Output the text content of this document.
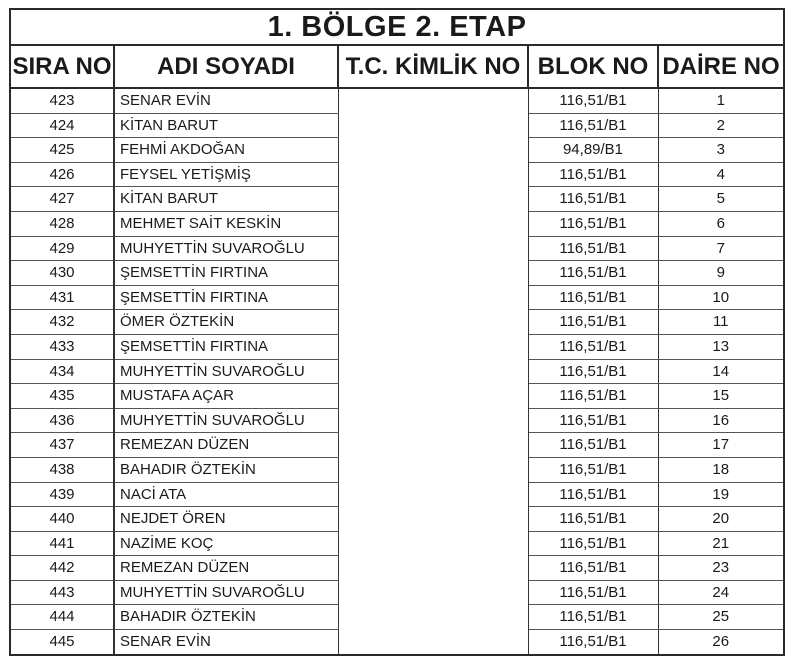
1. BÖLGE 2. ETAP				
SIRA NO	ADI SOYADI	T.C. KİMLİK NO	BLOK NO	DAİRE NO
423	SENAR EVİN		116,51/B1	1
424	KİTAN BARUT		116,51/B1	2
425	FEHMİ AKDOĞAN		94,89/B1	3
426	FEYSEL YETİŞMİŞ		116,51/B1	4
427	KİTAN BARUT		116,51/B1	5
428	MEHMET SAİT KESKİN		116,51/B1	6
429	MUHYETTİN SUVAROĞLU		116,51/B1	7
430	ŞEMSETTİN FIRTINA		116,51/B1	9
431	ŞEMSETTİN FIRTINA		116,51/B1	10
432	ÖMER ÖZTEKİN		116,51/B1	11
433	ŞEMSETTİN FIRTINA		116,51/B1	13
434	MUHYETTİN SUVAROĞLU		116,51/B1	14
435	MUSTAFA AÇAR		116,51/B1	15
436	MUHYETTİN SUVAROĞLU		116,51/B1	16
437	REMEZAN DÜZEN		116,51/B1	17
438	BAHADIR ÖZTEKİN		116,51/B1	18
439	NACİ ATA		116,51/B1	19
440	NEJDET ÖREN		116,51/B1	20
441	NAZİME KOÇ		116,51/B1	21
442	REMEZAN DÜZEN		116,51/B1	23
443	MUHYETTİN SUVAROĞLU		116,51/B1	24
444	BAHADIR ÖZTEKİN		116,51/B1	25
445	SENAR EVİN		116,51/B1	26
